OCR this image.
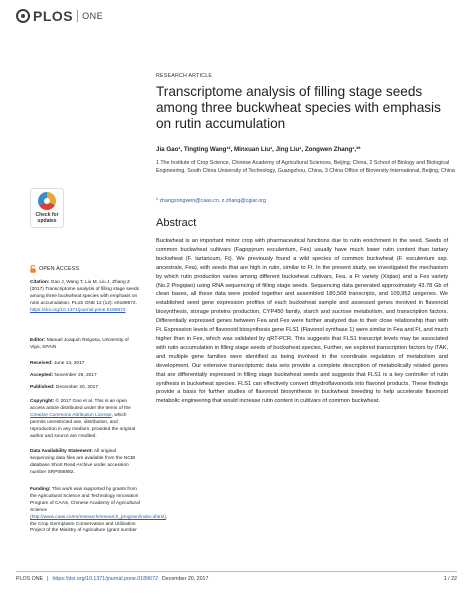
PLOS ONE
RESEARCH ARTICLE
Transcriptome analysis of filling stage seeds among three buckwheat species with emphasis on rutin accumulation
Jia Gao¹, Tingting Wang¹², Minxuan Liu¹, Jing Liu¹, Zongwen Zhang¹,³*
1 The Institute of Crop Science, Chinese Academy of Agricultural Sciences, Beijing, China, 2 School of Biology and Biological Engineering, South China University of Technology, Guangzhou, China, 3 China Office of Bioversity International, Beijing, China
* zhangzongwen@caas.cn, z.zhang@cgiar.org
Abstract
Buckwheat is an important minor crop with pharmaceutical functions due to rutin enrichment in the seed. Seeds of common buckwheat cultivars (Fagopyrum esculentum, Fes) usually have much lower rutin content than tartary buckwheat (F. tartaricum, Ft). We previously found a wild species of common buckwheat (F. esculentum ssp. ancestrale, Fea), with seeds that are high in rutin, similar to Ft. In the present study, we investigated the mechanism by which rutin production varies among different buckwheat cultivars, Fea, a Ft variety (Xiqiao) and a Fes variety (No.2 Pingqiao) using RNA sequencing of filling stage seeds. Sequencing data generated approximately 43.78 Gb of clean bases, all these data were pooled together and assembled 180,568 transcripts, and 109,952 unigenes. We established seed gene expression profiles of each buckwheat sample and assessed genes involved in flavonoid biosynthesis, storage proteins production, CYP450 family, starch and sucrose metabolism, and transcription factors. Differentially expressed genes between Fea and Fes were further analyzed due to their close relationship than with Ft. Expression levels of flavonoid biosynthesis gene FLS1 (Flavonol synthase 1) were similar in Fea and Ft, and much higher than in Fes, which was validated by qRT-PCR. This suggests that FLS1 transcript levels may be associated with rutin accumulation in filling stage seeds of buckwheat species. Further, we explored transcription factors by iTAK, and multiple gene families were identified as being involved in the coordinate regulation of metabolism and development. Our extensive transcriptomic data sets provide a complete description of metabolically related genes that are differentially expressed in filling stage buckwheat seeds and suggests that FLS1 is a key controller of rutin synthesis in buckwheat species. FLS1 can effectively convert dihydroflavonoids into flavonol products. These findings provide a basis for further studies of flavonoid biosynthesis in buckwheat breeding to help accelerate flavonoid metabolic engineering that would increase rutin content in cultivars of common buckwheat.
Check for
updates
OPEN ACCESS
Citation: Gao J, Wang T, Liu M, Liu J, Zhang Z (2017) Transcriptome analysis of filling stage seeds among three buckwheat species with emphasis on rutin accumulation. PLoS ONE 12 (12): e0189672. https://doi.org/10.1371/journal.pone.0189672
Editor: Manuel Joaquin Reigosa, University of Vigo, SPAIN
Received: June 13, 2017
Accepted: November 29, 2017
Published: December 20, 2017
Copyright: © 2017 Gao et al. This is an open access article distributed under the terms of the Creative Commons Attribution License, which permits unrestricted use, distribution, and reproduction in any medium, provided the original author and source are credited.
Data Availability Statement: All original sequencing data files are available from the NCBI database Short Read Archive under accession number SRP066982.
Funding: This work was supported by grants from the Agricultural Science and Technology Innovation Program of CAAS, Chinese Academy of Agricultural Science (http://www.caas.cn/en/research/research_program/index.shtml), the Crop Germplasm Conservation and Utilization Project of the Ministry of Agriculture (grant number
PLOS ONE | https://doi.org/10.1371/journal.pone.0189672 December 20, 2017	1 / 22
